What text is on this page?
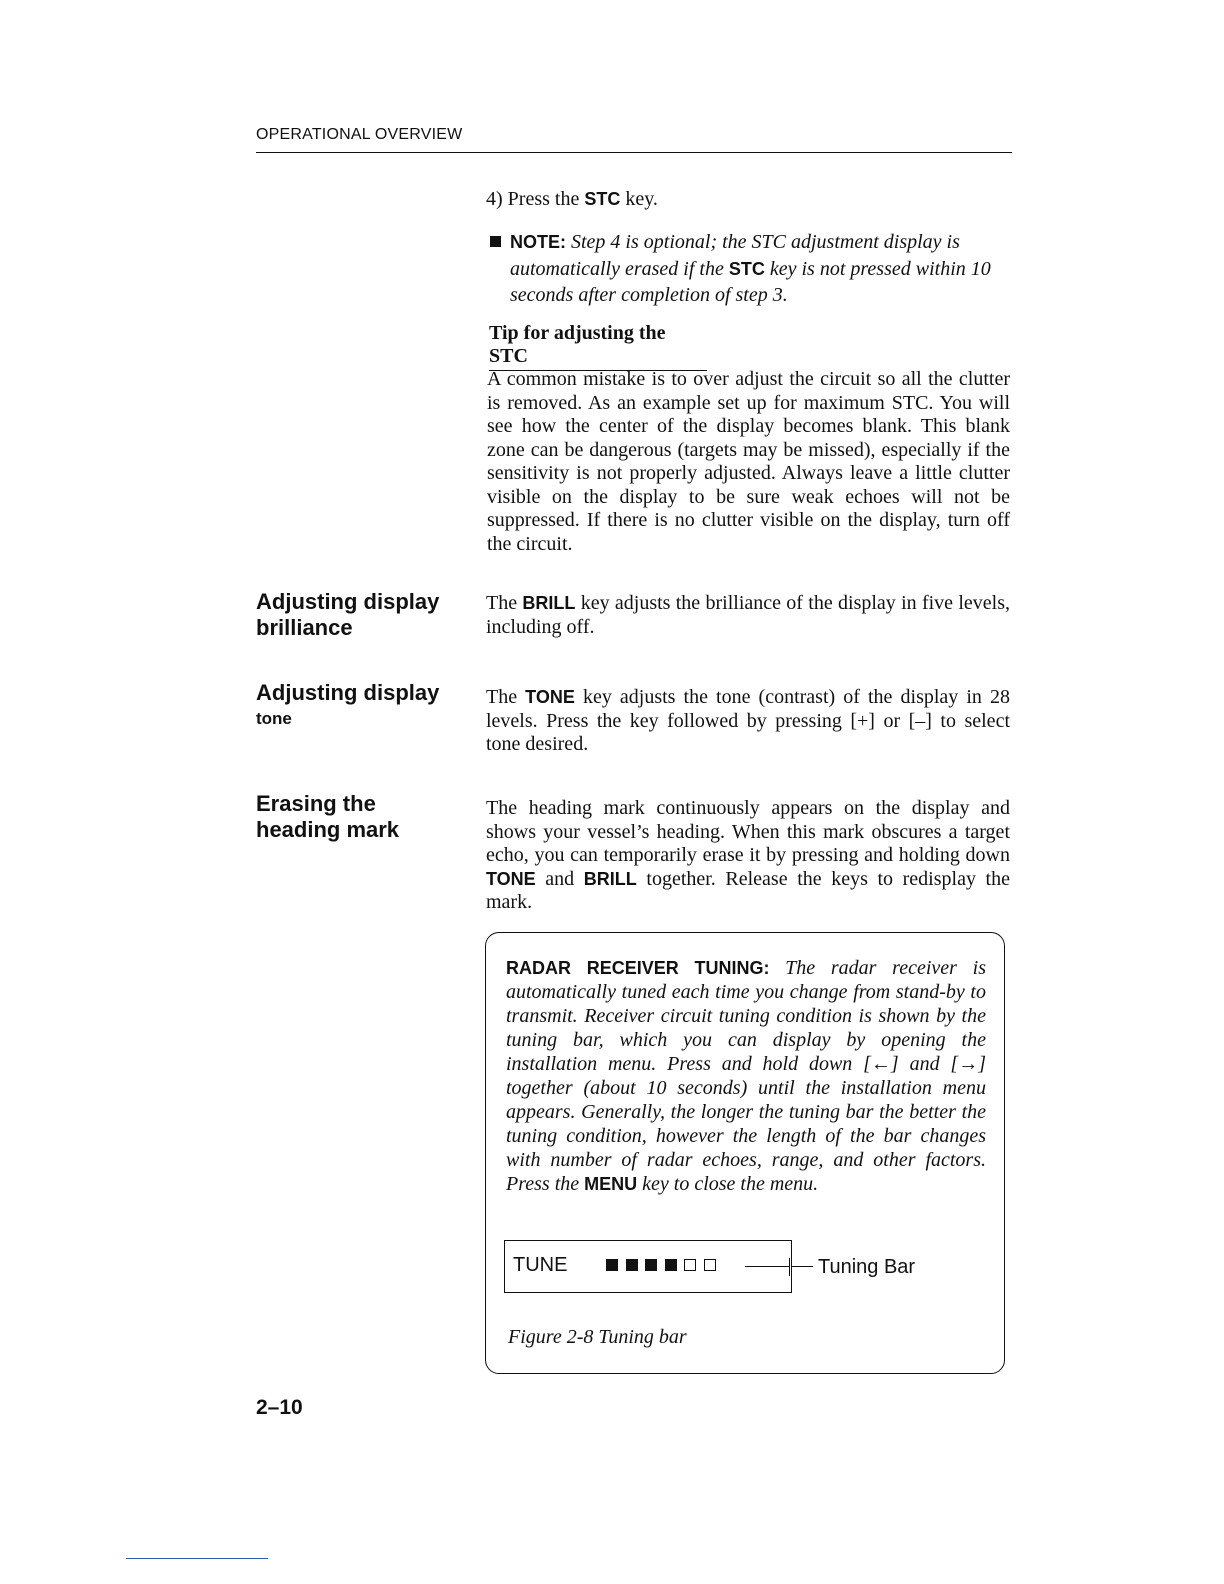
OPERATIONAL OVERVIEW
4) Press the STC key.
NOTE: Step 4 is optional; the STC adjustment display is automatically erased if the STC key is not pressed within 10 seconds after completion of step 3.
Tip for adjusting the STC
A common mistake is to over adjust the circuit so all the clutter is removed. As an example set up for maximum STC. You will see how the center of the display becomes blank. This blank zone can be dangerous (targets may be missed), especially if the sensitivity is not properly adjusted. Always leave a little clutter visible on the display to be sure weak echoes will not be suppressed. If there is no clutter visible on the display, turn off the circuit.
Adjusting display
brilliance
The BRILL key adjusts the brilliance of the display in five levels, including off.
Adjusting display
tone
The TONE key adjusts the tone (contrast) of the display in 28 levels. Press the key followed by pressing [+] or [–] to select tone desired.
Erasing the
heading mark
The heading mark continuously appears on the display and shows your vessel’s heading. When this mark obscures a target echo, you can temporarily erase it by pressing and holding down TONE and BRILL together. Release the keys to redisplay the mark.
RADAR RECEIVER TUNING: The radar receiver is automatically tuned each time you change from stand-by to transmit. Receiver circuit tuning condition is shown by the tuning bar, which you can display by opening the installation menu. Press and hold down [←] and [→] together (about 10 seconds) until the installation menu appears. Generally, the longer the tuning bar the better the tuning condition, however the length of the bar changes with number of radar echoes, range, and other factors. Press the MENU key to close the menu.
TUNE	Tuning Bar
Figure 2-8 Tuning bar
2–10
